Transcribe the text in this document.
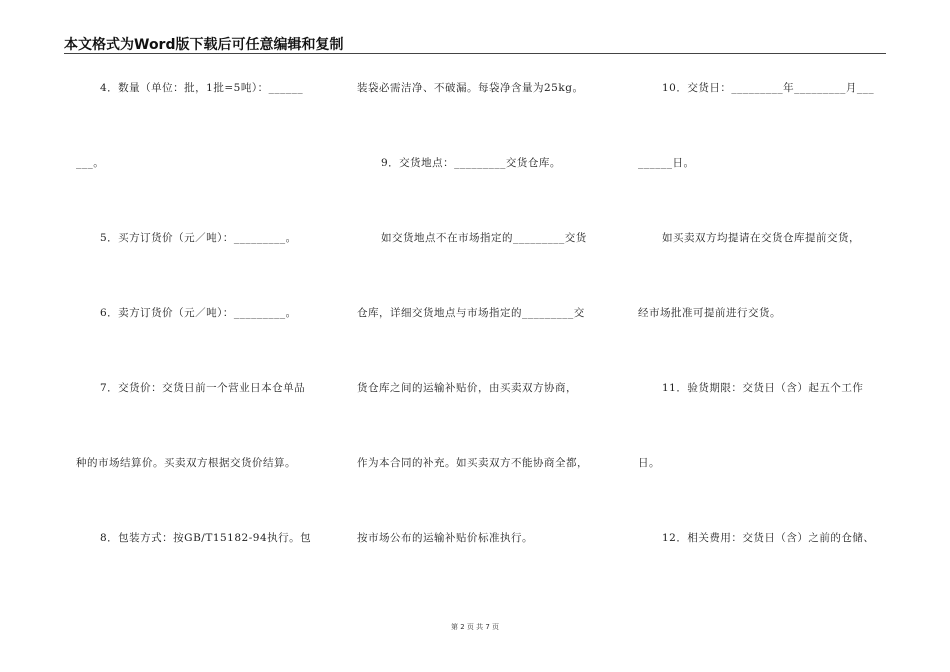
本文格式为Word版下载后可任意编辑和复制
4．数量（单位：批，1批=5吨）：______
___。
5．买方订货价（元／吨）：_________。
6．卖方订货价（元／吨）：_________。
7．交货价：交货日前一个营业日本仓单品
种的市场结算价。买卖双方根据交货价结算。
8．包装方式：按GB/T15182-94执行。包
装袋必需洁净、不破漏。每袋净含量为25kg。
9．交货地点：_________交货仓库。
如交货地点不在市场指定的_________交货
仓库，详细交货地点与市场指定的_________交
货仓库之间的运输补贴价，由买卖双方协商，
作为本合同的补充。如买卖双方不能协商全都，
按市场公布的运输补贴价标准执行。
10．交货日：_________年_________月___
______日。
如买卖双方均提请在交货仓库提前交货，
经市场批准可提前进行交货。
11．验货期限：交货日（含）起五个工作
日。
12．相关费用：交货日（含）之前的仓储、
第 2 页 共 7 页
